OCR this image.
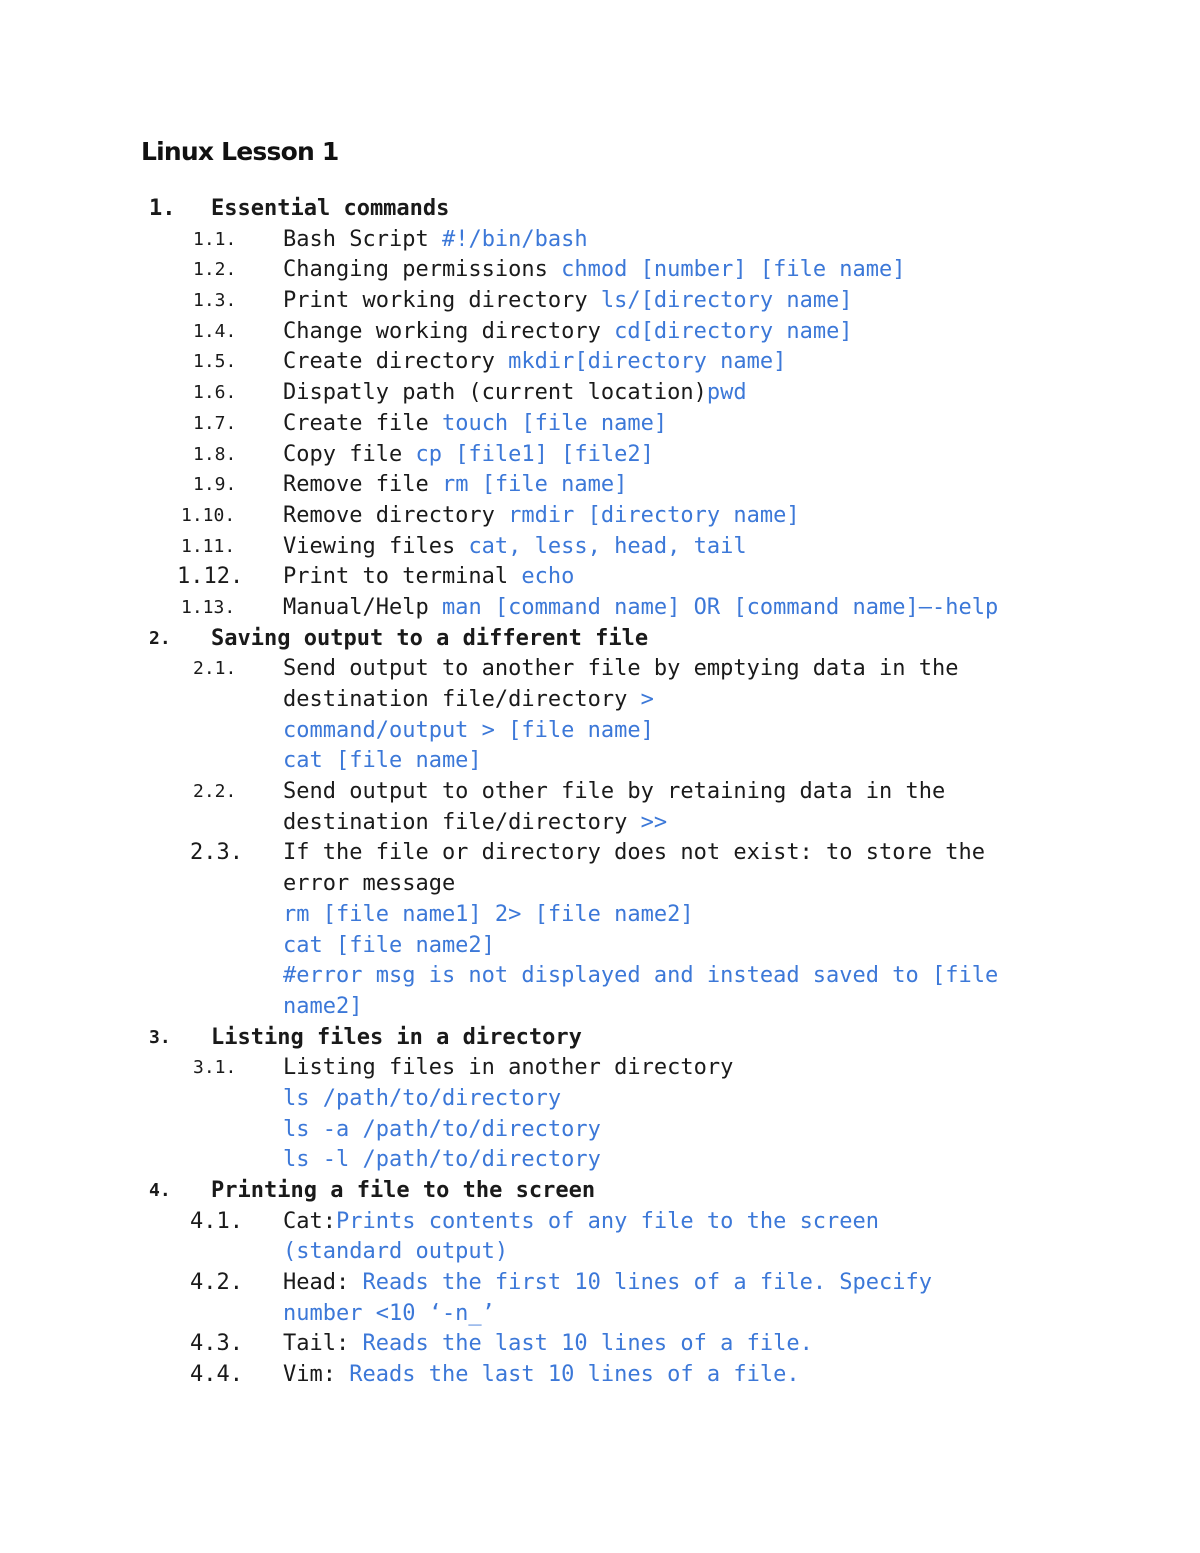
Linux Lesson 1

1.

Essential commands

1.1.

Bash Script #!/bin/bash

1.2.

Changing permissions chmod [number] [file name]

1.3.

Print working directory ls/[directory name]

1.4.

Change working directory cd[directory name]

1.5.

Create directory mkdir[directory name]

1.6.

Dispatly path (current location)pwd

1.7.

Create file touch [file name]

1.8.

Copy file cp [file1] [file2]

1.9.

Remove file rm [file name]

1.10.

Remove directory rmdir [directory name]

1.11.

Viewing files cat, less, head, tail

1.12.

Print to terminal echo

1.13.

Manual/Help man [command name] OR [command name]—-help

2.

Saving output to a different file

2.1.

Send output to another file by emptying data in the

destination file/directory >

command/output > [file name]

cat [file name]

2.2.

Send output to other file by retaining data in the

destination file/directory >>

2.3.

If the file or directory does not exist: to store the

error message

rm [file name1] 2> [file name2]

cat [file name2]

#error msg is not displayed and instead saved to [file

name2]

3.

Listing files in a directory

3.1.

Listing files in another directory

ls /path/to/directory

ls -a /path/to/directory

ls -l /path/to/directory

4.

Printing a file to the screen

4.1.

Cat:Prints contents of any file to the screen

(standard output)

4.2.

Head: Reads the first 10 lines of a file. Specify

number <10 ‘-n_’

4.3.

Tail: Reads the last 10 lines of a file.

4.4.

Vim: Reads the last 10 lines of a file.
